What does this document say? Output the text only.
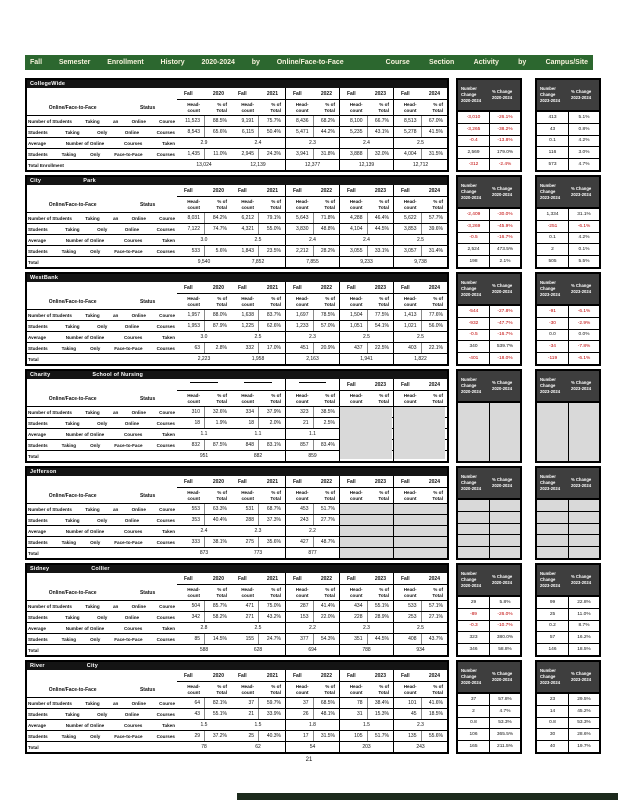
Fall Semester Enrollment History 2020-2024 by Online/Face-to-Face	Course	Section	Activity	by	Campus/Site
CollegeWide
Fall	2020	Fall	2021	Fall	2022	Fall	2023	Fall	2024
Online/Face-to-Face	Status
Head-
count
% of
Total
Head-
count
% of
Total
Head-
count
% of
Total
Head-
count
% of
Total
Head-
count
% of
Total
Number of Students	Taking	an	Online	Course	11,523	88.5%	9,191	75.7%	8,436	68.2%	8,100	66.7%	8,513	67.0%
Students	Taking	Only	Online	Courses	8,543	65.6%	6,115	50.4%	5,471	44.2%	5,235	43.1%	5,278	41.5%
Average	Number of Online	Courses	Taken	2.9	2.4	2.3	2.4	2.5
Students	Taking	Only	Face-to-Face	Courses	1,435	11.0%	2,945	24.3%	3,941	31.8%	3,888	32.0%	4,004	31.5%
Total Enrollment	13,024	12,139	12,377	12,139	12,712
Number
Change
2020-2024
% Change
2020-2024
-3,010	-26.1%
-3,265	-38.2%
-0.4	-13.8%
2,569	179.0%
-312	-2.4%
Number
Change
2023-2024
% Change
2023-2024
413	5.1%
43	0.8%
0.1	4.2%
116	3.0%
573	4.7%
City	Park
Fall	2020	Fall	2021	Fall	2022	Fall	2023	Fall	2024
Online/Face-to-Face	Status
Head-
count
% of
Total
Head-
count
% of
Total
Head-
count
% of
Total
Head-
count
% of
Total
Head-
count
% of
Total
Number of Students	Taking	an	Online	Course	8,031	84.2%	6,212	79.1%	5,643	71.8%	4,288	46.4%	5,622	57.7%
Students	Taking	Only	Online	Courses	7,122	74.7%	4,321	55.0%	3,830	48.8%	4,104	44.5%	3,853	39.6%
Average	Number of Online	Courses	Taken	3.0	2.5	2.4	2.4	2.5
Students	Taking	Only	Face-to-Face	Courses	533	5.6%	1,843	23.5%	2,212	28.2%	3,055	33.1%	3,057	31.4%
Total	9,540	7,852	7,855	9,233	9,738
Number
Change
2020-2024
% Change
2020-2024
-2,409	-30.0%
-3,269	-45.9%
-0.5	-16.7%
2,524	473.5%
198	2.1%
Number
Change
2023-2024
% Change
2023-2024
1,334	31.1%
-251	-6.1%
0.1	4.2%
2	0.1%
505	5.5%
WestBank
Fall	2020	Fall	2021	Fall	2022	Fall	2023	Fall	2024
Online/Face-to-Face	Status
Head-
count
% of
Total
Head-
count
% of
Total
Head-
count
% of
Total
Head-
count
% of
Total
Head-
count
% of
Total
Number of Students	Taking	an	Online	Course	1,957	88.0%	1,638	83.7%	1,697	78.5%	1,504	77.5%	1,413	77.6%
Students	Taking	Only	Online	Courses	1,953	87.9%	1,225	62.6%	1,233	57.0%	1,051	54.1%	1,021	56.0%
Average	Number of Online	Courses	Taken	3.0	2.5	2.3	2.5	2.5
Students	Taking	Only	Face-to-Face	Courses	63	2.8%	332	17.0%	451	20.9%	437	22.5%	403	22.1%
Total	2,223	1,958	2,163	1,941	1,822
Number
Change
2020-2024
% Change
2020-2024
-544	-27.8%
-932	-47.7%
-0.5	-16.7%
340	539.7%
-401	-18.0%
Number
Change
2023-2024
% Change
2023-2024
-91	-6.1%
-30	-2.9%
0.0	0.0%
-34	-7.8%
-119	-6.1%
Charity	School of Nursing
Fall	2023	Fall	2024
Online/Face-to-Face	Status
Head-
count
% of
Total
Head-
count
% of
Total
Head-
count
% of
Total
Head-
count
% of
Total
Head-
count
% of
Total
Number of Students	Taking	an	Online	Course	310	32.6%	334	37.9%	323	38.5%
Students	Taking	Only	Online	Courses	18	1.9%	18	2.0%	21	2.5%
Average	Number of Online	Courses	Taken	1.1	1.1	1.1
Students	Taking	Only	Face-to-Face	Courses	832	87.5%	848	83.1%	857	83.4%
Total	951	882	859
Number
Change
2020-2024
% Change
2020-2024
Number
Change
2023-2024
% Change
2023-2024
Jefferson
Fall	2020	Fall	2021	Fall	2022	Fall	2023	Fall	2024
Online/Face-to-Face	Status
Head-
count
% of
Total
Head-
count
% of
Total
Head-
count
% of
Total
Head-
count
% of
Total
Head-
count
% of
Total
Number of Students	Taking	an	Online	Course	553	63.3%	531	68.7%	453	51.7%
Students	Taking	Only	Online	Courses	353	40.4%	288	37.3%	243	27.7%
Average	Number of Online	Courses	Taken	2.4	2.3	2.2
Students	Taking	Only	Face-to-Face	Courses	333	38.1%	275	35.6%	427	48.7%
Total	873	773	877
Number
Change
2020-2024
% Change
2020-2024
Number
Change
2023-2024
% Change
2023-2024
Sidney	Collier
Fall	2020	Fall	2021	Fall	2022	Fall	2023	Fall	2024
Online/Face-to-Face	Status
Head-
count
% of
Total
Head-
count
% of
Total
Head-
count
% of
Total
Head-
count
% of
Total
Head-
count
% of
Total
Number of Students	Taking	an	Online	Course	504	85.7%	471	75.0%	287	41.4%	434	55.1%	533	57.1%
Students	Taking	Only	Online	Courses	342	58.2%	271	43.2%	153	22.0%	228	28.9%	253	27.1%
Average	Number of Online	Courses	Taken	2.8	2.5	2.2	2.3	2.5
Students	Taking	Only	Face-to-Face	Courses	85	14.5%	155	24.7%	377	54.3%	351	44.5%	408	43.7%
Total	588	628	694	788	934
Number
Change
2020-2024
% Change
2020-2024
29	5.8%
-89	-26.0%
-0.3	-10.7%
323	380.0%
346	58.8%
Number
Change
2023-2024
% Change
2023-2024
99	22.8%
25	11.0%
0.2	8.7%
57	16.2%
146	18.5%
River	City
Fall	2020	Fall	2021	Fall	2022	Fall	2023	Fall	2024
Online/Face-to-Face	Status
Head-
count
% of
Total
Head-
count
% of
Total
Head-
count
% of
Total
Head-
count
% of
Total
Head-
count
% of
Total
Number of Students	Taking	an	Online	Course	64	82.1%	37	59.7%	37	68.5%	78	38.4%	101	41.6%
Students	Taking	Only	Online	Courses	43	55.1%	21	33.9%	26	48.1%	31	15.3%	45	18.5%
Average	Number of Online	Courses	Taken	1.5	1.5	1.8	1.5	2.3
Students	Taking	Only	Face-to-Face	Courses	29	37.2%	25	40.3%	17	31.5%	105	51.7%	135	55.6%
Total	78	62	54	203	243
Number
Change
2020-2024
% Change
2020-2024
37	57.8%
2	4.7%
0.8	53.3%
106	365.5%
165	211.5%
Number
Change
2023-2024
% Change
2023-2024
23	29.5%
14	45.2%
0.8	53.3%
30	28.6%
40	19.7%
21
